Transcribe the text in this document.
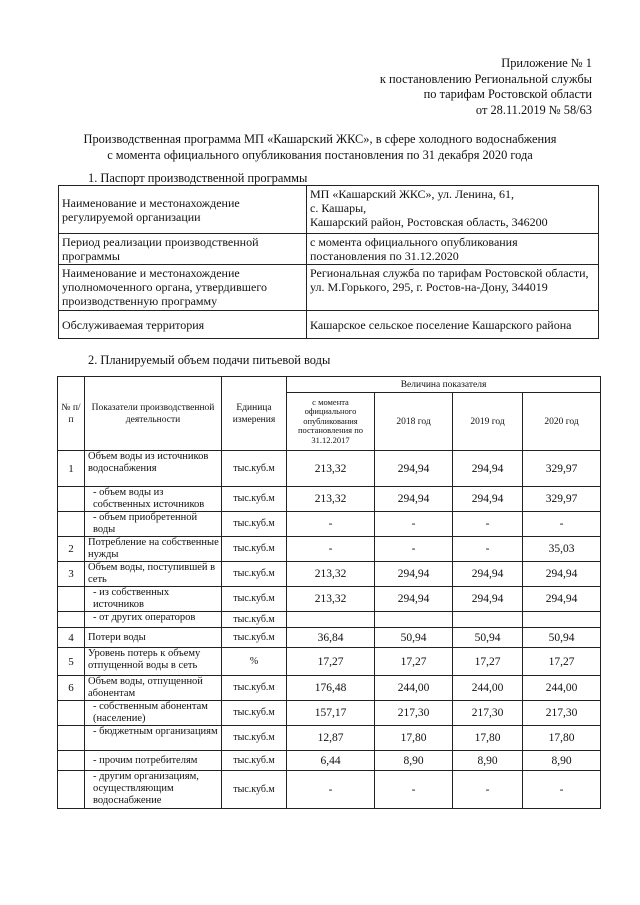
Приложение № 1
к постановлению Региональной службы
по тарифам Ростовской области
от 28.11.2019 № 58/63
Производственная программа МП «Кашарский ЖКС», в сфере холодного водоснабжения
с момента официального опубликования постановления по 31 декабря 2020 года
1. Паспорт производственной программы
Наименование и местонахождение регулируемой организации	МП «Кашарский ЖКС», ул. Ленина, 61,
с. Кашары,
Кашарский район, Ростовская область, 346200

Период реализации производственной программы	с момента официального опубликования постановления по 31.12.2020
Наименование и местонахождение уполномоченного органа, утвердившего производственную программу	Региональная служба по тарифам Ростовской области, ул. М.Горького, 295, г. Ростов-на-Дону, 344019
Обслуживаемая территория	Кашарское сельское поселение Кашарского района
2. Планируемый объем подачи питьевой воды
№ п/п	Показатели производственной деятельности	Единица измерения	Величина показателя			
			с момента официального опубликования постановления по 31.12.2017	2018 год	2019 год	2020 год
1	Объем воды из источников водоснабжения	тыс.куб.м	213,32	294,94	294,94	329,97
	- объем воды из собственных источников	тыс.куб.м	213,32	294,94	294,94	329,97
	- объем приобретенной воды	тыс.куб.м	-	-	-	-
2	Потребление на собственные нужды	тыс.куб.м	-	-	-	35,03
3	Объем воды, поступившей в сеть	тыс.куб.м	213,32	294,94	294,94	294,94
	- из собственных источников	тыс.куб.м	213,32	294,94	294,94	294,94
	- от других операторов	тыс.куб.м				
4	Потери воды	тыс.куб.м	36,84	50,94	50,94	50,94
5	Уровень потерь к объему отпущенной воды в сеть	%	17,27	17,27	17,27	17,27
6	Объем воды, отпущенной абонентам	тыс.куб.м	176,48	244,00	244,00	244,00
	- собственным абонентам (население)	тыс.куб.м	157,17	217,30	217,30	217,30
	- бюджетным организациям	тыс.куб.м	12,87	17,80	17,80	17,80
	- прочим потребителям	тыс.куб.м	6,44	8,90	8,90	8,90
	- другим организациям, осуществляющим водоснабжение	тыс.куб.м	-	-	-	-
